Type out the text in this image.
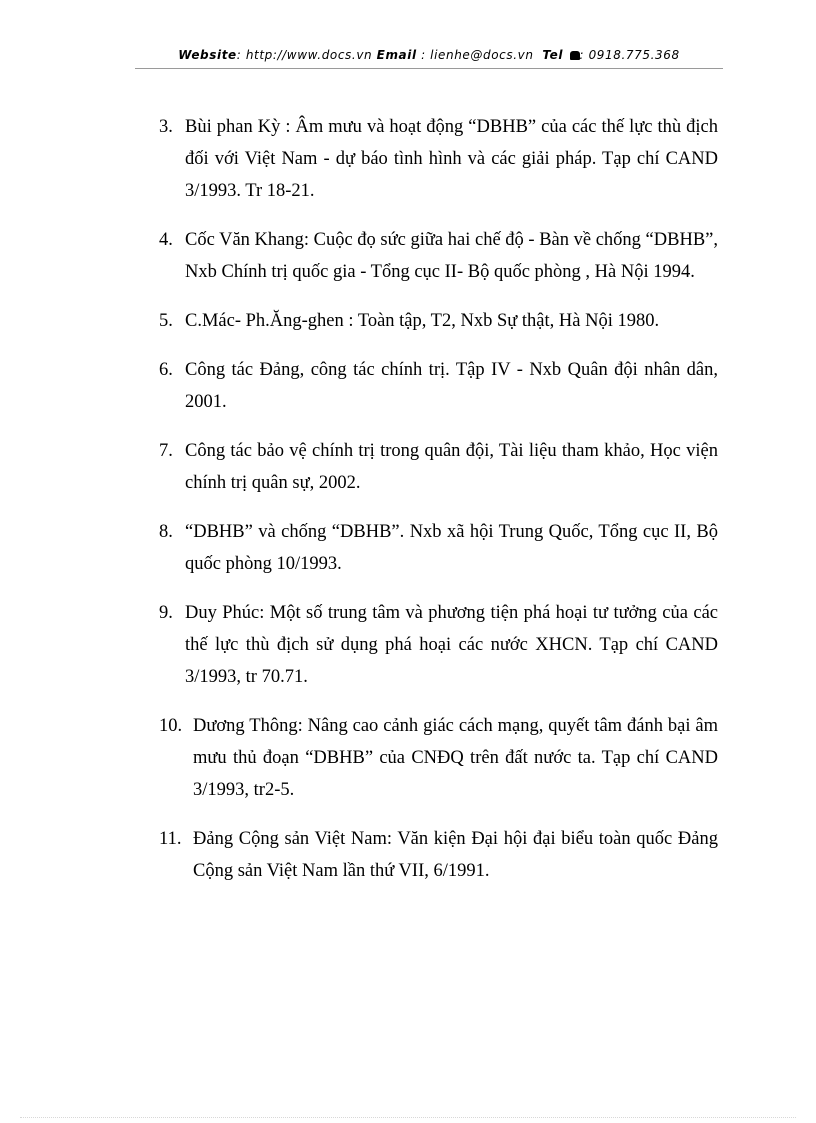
Website: http://www.docs.vn Email : lienhe@docs.vn Tel : 0918.775.368
3. Bùi phan Kỳ : Âm mưu và hoạt động “DBHB” của các thế lực thù địch đối với Việt Nam - dự báo tình hình và các giải pháp. Tạp chí CAND 3/1993. Tr 18-21.
4. Cốc Văn Khang: Cuộc đọ sức giữa hai chế độ - Bàn về chống “DBHB”, Nxb Chính trị quốc gia - Tổng cục II- Bộ quốc phòng , Hà Nội 1994.
5. C.Mác- Ph.Ăng-ghen : Toàn tập, T2, Nxb Sự thật, Hà Nội 1980.
6. Công tác Đảng, công tác chính trị. Tập IV - Nxb Quân đội nhân dân, 2001.
7. Công tác bảo vệ chính trị trong quân đội, Tài liệu tham khảo, Học viện chính trị quân sự, 2002.
8. “DBHB” và chống “DBHB”. Nxb xã hội Trung Quốc, Tổng cục II, Bộ quốc phòng 10/1993.
9. Duy Phúc: Một số trung tâm và phương tiện phá hoại tư tưởng của các thế lực thù địch sử dụng phá hoại các nước XHCN. Tạp chí CAND 3/1993, tr 70.71.
10. Dương Thông: Nâng cao cảnh giác cách mạng, quyết tâm đánh bại âm mưu thủ đoạn “DBHB” của CNĐQ trên đất nước ta. Tạp chí CAND 3/1993, tr2-5.
11. Đảng Cộng sản Việt Nam: Văn kiện Đại hội đại biểu toàn quốc Đảng Cộng sản Việt Nam lần thứ VII, 6/1991.
